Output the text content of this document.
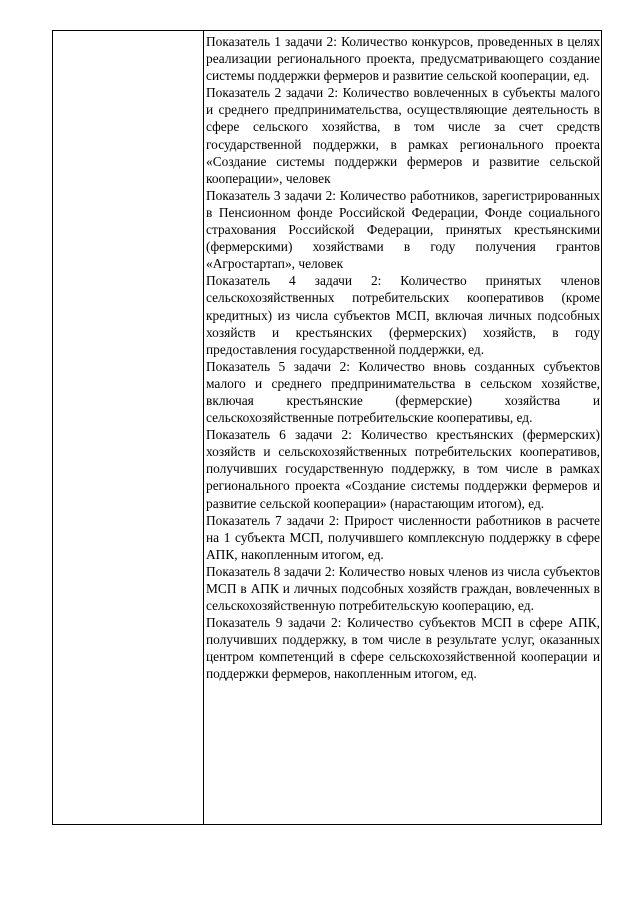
Показатель 1 задачи 2: Количество конкурсов, проведенных в целях реализации регионального проекта, предусматривающего создание системы поддержки фермеров и развитие сельской кооперации, ед.

Показатель 2 задачи 2: Количество вовлеченных в субъекты малого и среднего предпринимательства, осуществляющие деятельность в сфере сельского хозяйства, в том числе за счет средств государственной поддержки, в рамках регионального проекта «Создание системы поддержки фермеров и развитие сельской кооперации», человек

Показатель 3 задачи 2: Количество работников, зарегистрированных в Пенсионном фонде Российской Федерации, Фонде социального страхования Российской Федерации, принятых крестьянскими (фермерскими) хозяйствами в году получения грантов «Агростартап», человек

Показатель 4 задачи 2: Количество принятых членов сельскохозяйственных потребительских кооперативов (кроме кредитных) из числа субъектов МСП, включая личных подсобных хозяйств и крестьянских (фермерских) хозяйств, в году предоставления государственной поддержки, ед.

Показатель 5 задачи 2: Количество вновь созданных субъектов малого и среднего предпринимательства в сельском хозяйстве, включая крестьянские (фермерские) хозяйства и сельскохозяйственные потребительские кооперативы, ед.

Показатель 6 задачи 2: Количество крестьянских (фермерских) хозяйств и сельскохозяйственных потребительских кооперативов, получивших государственную поддержку, в том числе в рамках регионального проекта «Создание системы поддержки фермеров и развитие сельской кооперации» (нарастающим итогом), ед.

Показатель 7 задачи 2: Прирост численности работников в расчете на 1 субъекта МСП, получившего комплексную поддержку в сфере АПК, накопленным итогом, ед.

Показатель 8 задачи 2: Количество новых членов из числа субъектов МСП в АПК и личных подсобных хозяйств граждан, вовлеченных в сельскохозяйственную потребительскую кооперацию, ед.

Показатель 9 задачи 2: Количество субъектов МСП в сфере АПК, получивших поддержку, в том числе в результате услуг, оказанных центром компетенций в сфере сельскохозяйственной кооперации и поддержки фермеров, накопленным итогом, ед.
